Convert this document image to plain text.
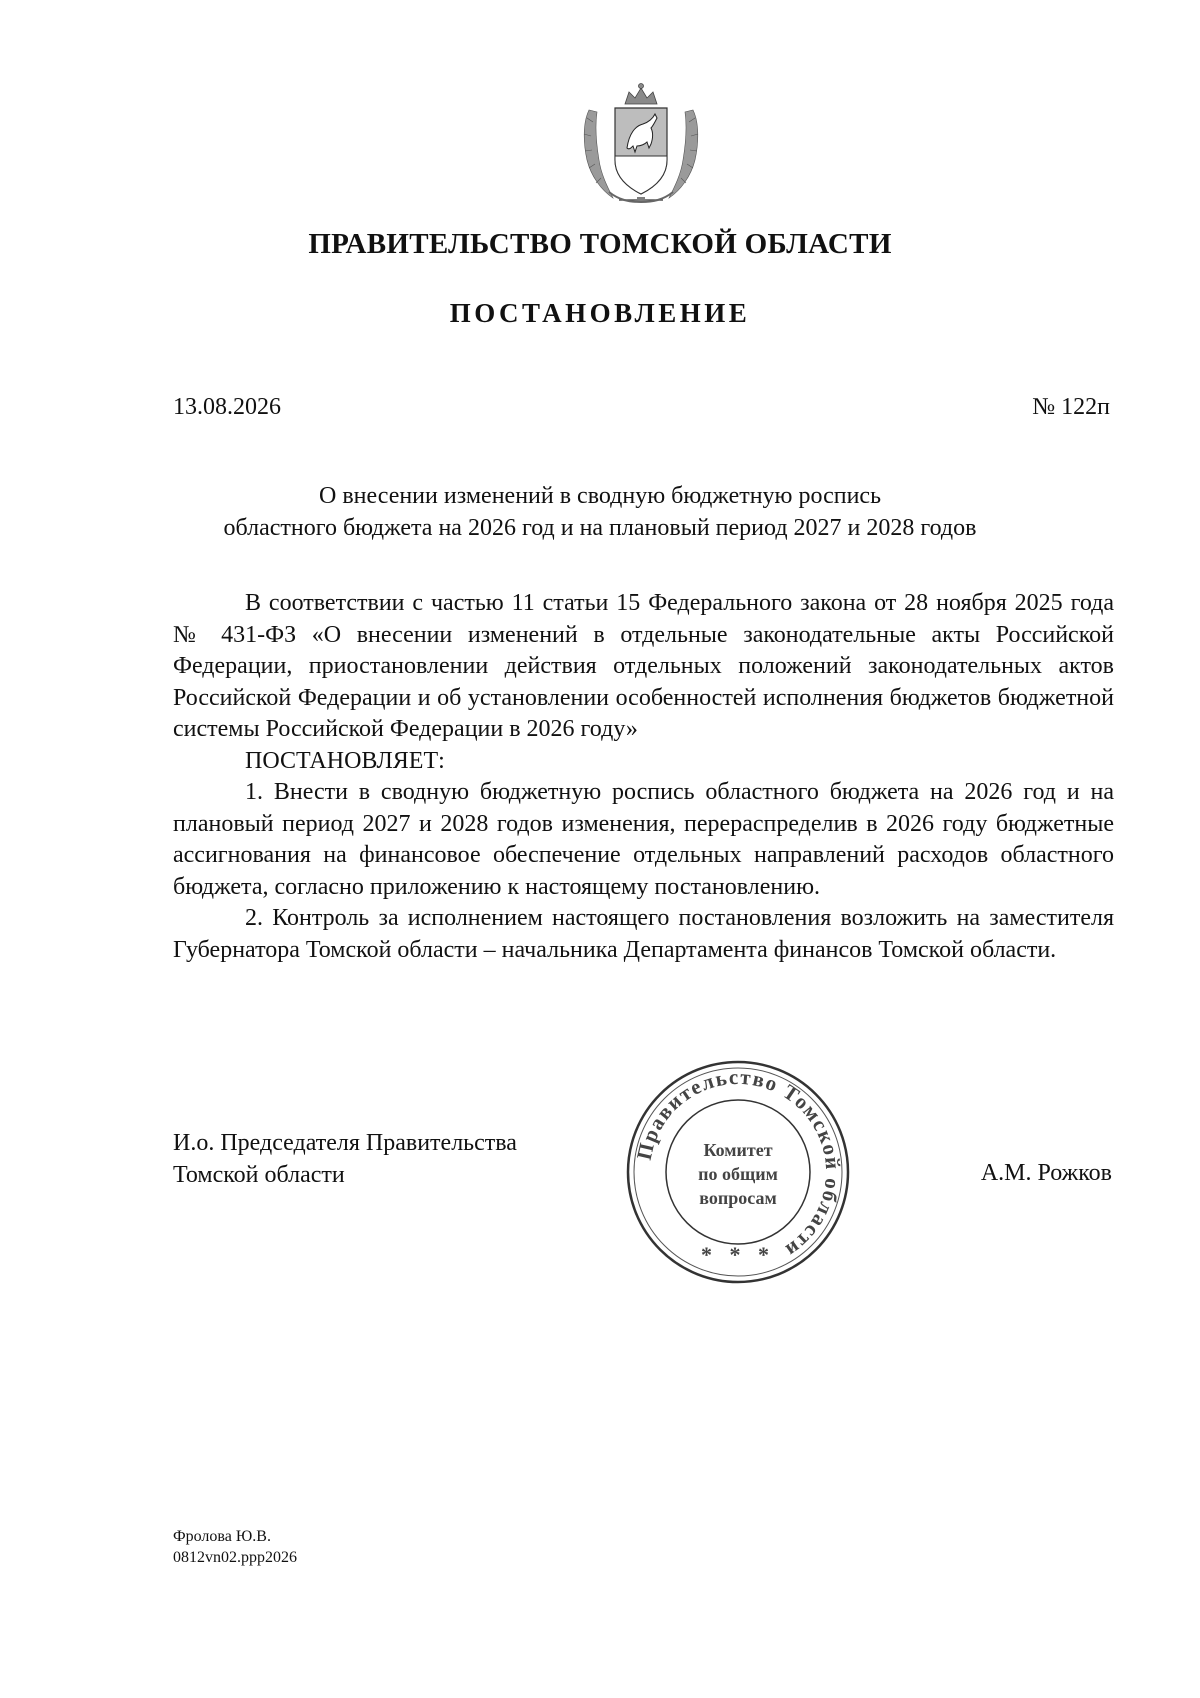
ПРАВИТЕЛЬСТВО ТОМСКОЙ ОБЛАСТИ
ПОСТАНОВЛЕНИЕ
13.08.2026	№ 122п
О внесении изменений в сводную бюджетную роспись
областного бюджета на 2026 год и на плановый период 2027 и 2028 годов

В соответствии с частью 11 статьи 15 Федерального закона от 28 ноября 2025 года № 431-ФЗ «О внесении изменений в отдельные законодательные акты Российской Федерации, приостановлении действия отдельных положений законодательных актов Российской Федерации и об установлении особенностей исполнения бюджетов бюджетной системы Российской Федерации в 2026 году»

ПОСТАНОВЛЯЕТ:

1. Внести в сводную бюджетную роспись областного бюджета на 2026 год и на плановый период 2027 и 2028 годов изменения, перераспределив в 2026 году бюджетные ассигнования на финансовое обеспечение отдельных направлений расходов областного бюджета, согласно приложению к настоящему постановлению.

2. Контроль за исполнением настоящего постановления возложить на заместителя Губернатора Томской области – начальника Департамента финансов Томской области.

И.о. Председателя Правительства
Томской области
Правительство Томской области
Комитет
по общим
вопросам
* * *
А.М. Рожков
Фролова Ю.В.
0812vn02.ppp2026
